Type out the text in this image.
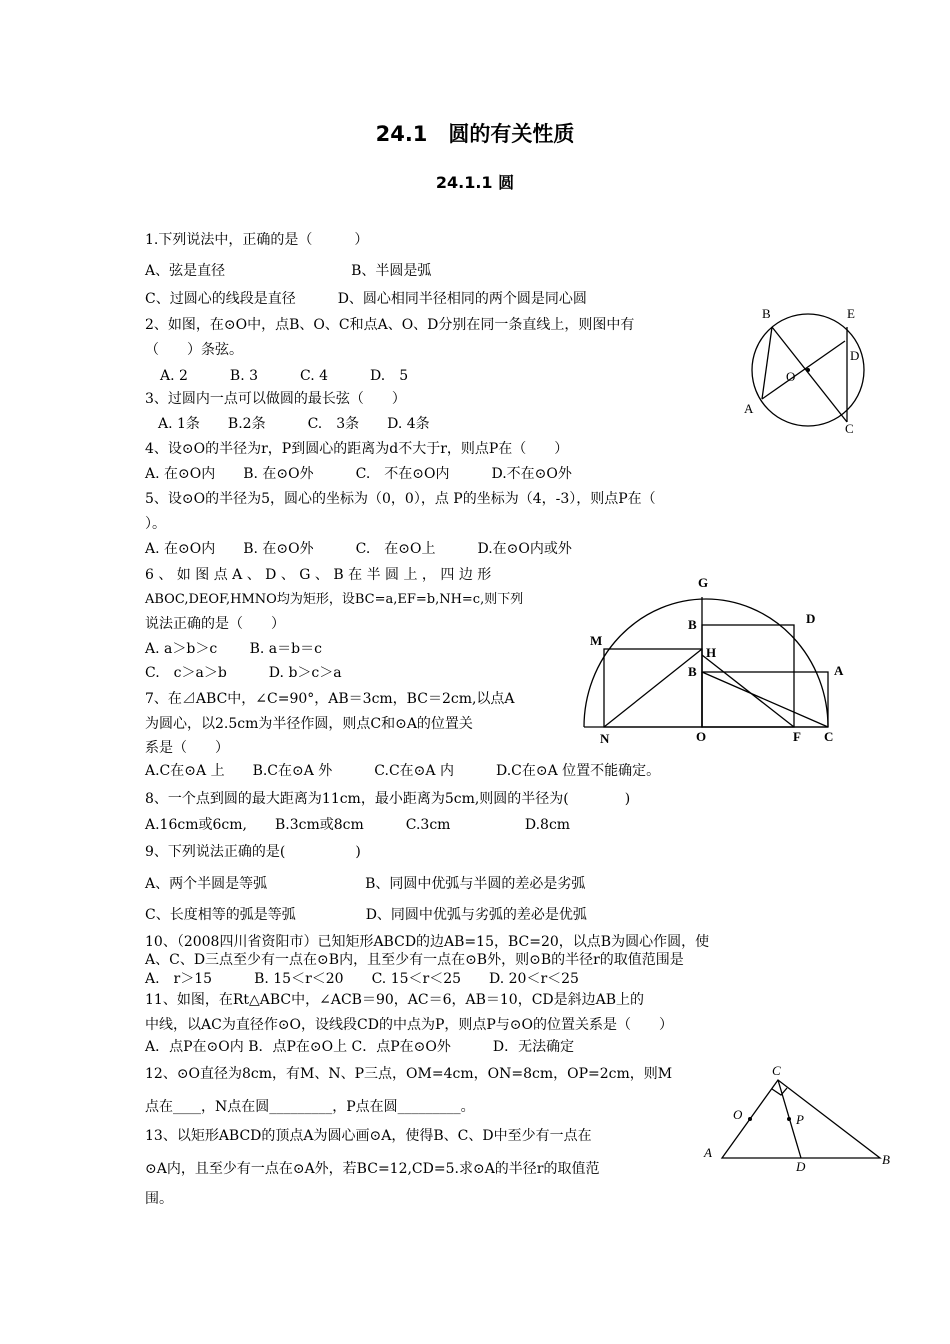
24.1　圆的有关性质
24.1.1 圆
1.下列说法中，正确的是（　　　）
A、弦是直径　　　　　　　　　B、半圆是弧
C、过圆心的线段是直径　　　D、圆心相同半径相同的两个圆是同心圆
2、如图，在⊙O中，点B、O、C和点A、O、D分别在同一条直线上，则图中有
（　　）条弦。
A. 2　　　B. 3　　　C. 4　　　D.　5
3、过圆内一点可以做圆的最长弦（　　）
A. 1条　　B.2条　　　C.　3条　　D. 4条
4、设⊙O的半径为r，P到圆心的距离为d不大于r，则点P在（　　）
A. 在⊙O内　　B. 在⊙O外　　　C.　不在⊙O内　　　D.不在⊙O外
5、设⊙O的半径为5，圆心的坐标为（0，0），点 P的坐标为（4，-3），则点P在（
）。
A. 在⊙O内　　B. 在⊙O外　　　C.　在⊙O上　　　D.在⊙O内或外
6 、 如 图 点 A 、 D 、 G 、 B 在 半 圆 上 ， 四 边 形
ABOC,DEOF,HMNO均为矩形，设BC=a,EF=b,NH=c,则下列
说法正确的是（　　）
A. a＞b＞c　　 B. a＝b＝c
C.　c＞a＞b　　　D. b＞c＞a
7、在⊿ABC中，∠C=90°，AB＝3cm，BC＝2cm,以点A
为圆心，以2.5cm为半径作圆，则点C和⊙A的位置关
系是（　　）
A.C在⊙A 上　　B.C在⊙A 外　　　C.C在⊙A 内　　　D.C在⊙A 位置不能确定。
8、一个点到圆的最大距离为11cm，最小距离为5cm,则圆的半径为(　　　　)
A.16cm或6cm,　　B.3cm或8cm　　　C.3cm　　　　　 D.8cm
9、下列说法正确的是(　　　　　)
A、两个半圆是等弧　　　　　　　B、同圆中优弧与半圆的差必是劣弧
C、长度相等的弧是等弧　　　　　D、同圆中优弧与劣弧的差必是优弧
10、（2008四川省资阳市）已知矩形ABCD的边AB=15，BC=20，以点B为圆心作圆，使
A、C、D三点至少有一点在⊙B内，且至少有一点在⊙B外，则⊙B的半径r的取值范围是
A.　r＞15　　　B. 15＜r＜20　　C. 15＜r＜25　　D. 20＜r＜25
11、如图，在Rt△ABC中，∠ACB＝90，AC＝6，AB＝10，CD是斜边AB上的
中线，以AC为直径作⊙O，设线段CD的中点为P，则点P与⊙O的位置关系是（　　）
A．点P在⊙O内 B．点P在⊙O上 C．点P在⊙O外　　　D．无法确定
12、⊙O直径为8cm，有M、N、P三点，OM=4cm，ON=8cm，OP=2cm，则M
点在____，N点在圆_________，P点在圆_________。
13、以矩形ABCD的顶点A为圆心画⊙A，使得B、C、D中至少有一点在
⊙A内，且至少有一点在⊙A外，若BC=12,CD=5.求⊙A的半径r的取值范
围。
B	E
D
O
A
C
G
D
M
B
H
B	A
N	O	F C
C
O	P
A
D	B
